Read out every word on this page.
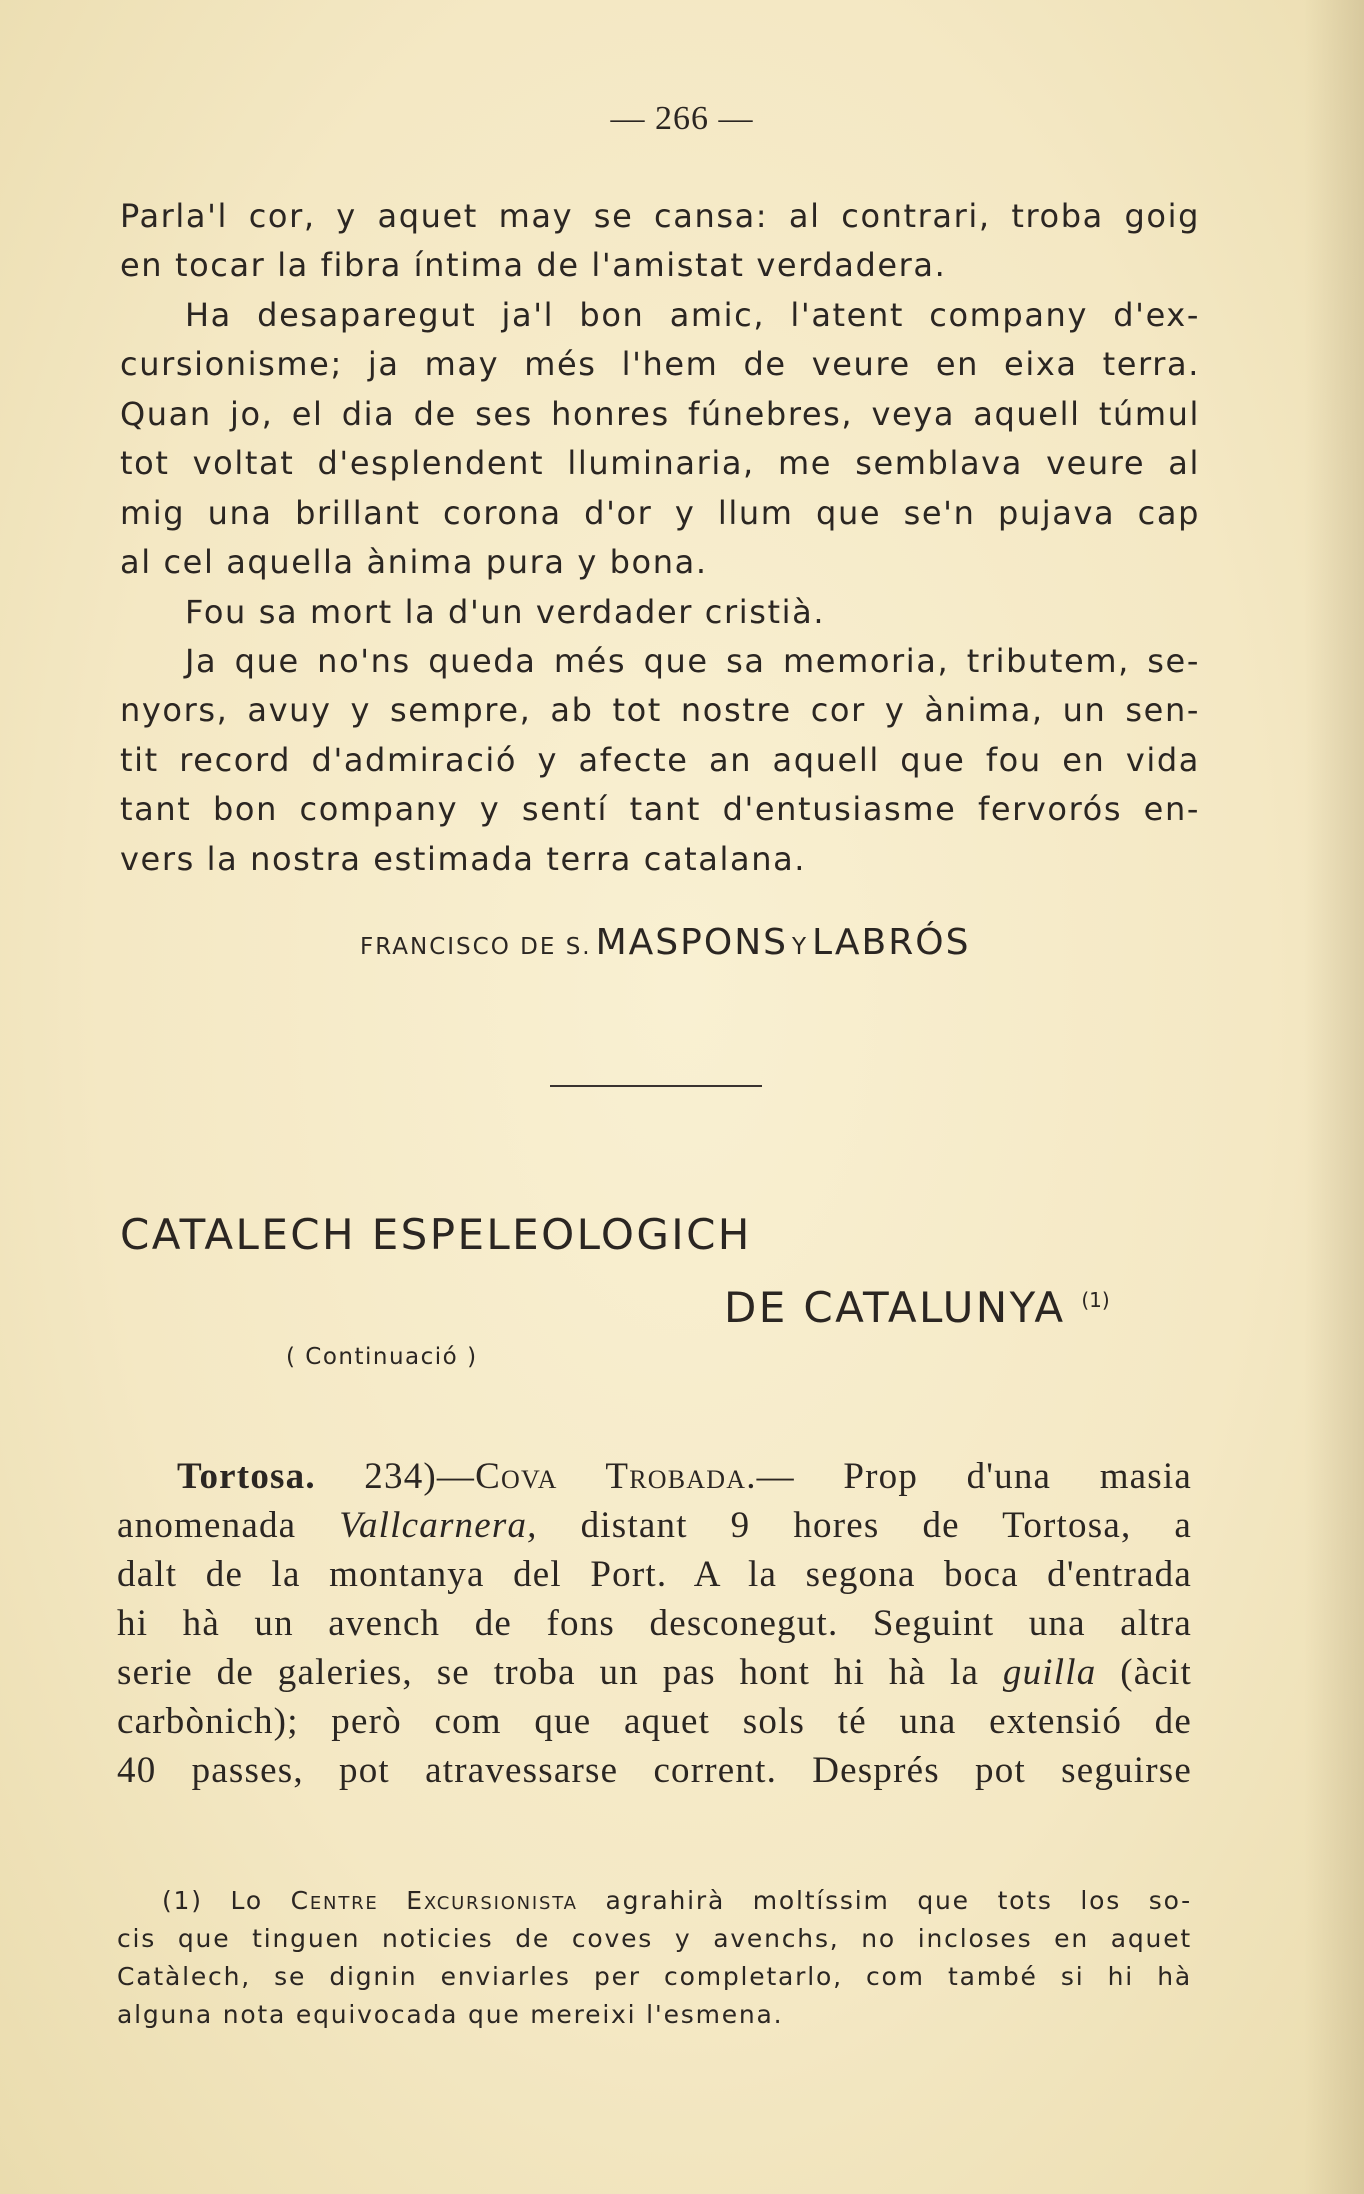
— 266 —
Parla'l cor, y aquet may se cansa: al contrari, troba goig
en tocar la fibra íntima de l'amistat verdadera.
Ha desaparegut ja'l bon amic, l'atent company d'ex-
cursionisme; ja may més l'hem de veure en eixa terra.
Quan jo, el dia de ses honres fúnebres, veya aquell túmul
tot voltat d'esplendent lluminaria, me semblava veure al
mig una brillant corona d'or y llum que se'n pujava cap
al cel aquella ànima pura y bona.
Fou sa mort la d'un verdader cristià.
Ja que no'ns queda més que sa memoria, tributem, se-
nyors, avuy y sempre, ab tot nostre cor y ànima, un sen-
tit record d'admiració y afecte an aquell que fou en vida
tant bon company y sentí tant d'entusiasme fervorós en-
vers la nostra estimada terra catalana.
FRANCISCO DE S. MASPONS Y LABRÓS
CATALECH ESPELEOLOGICH
DE CATALUNYA $^{(1)}$
( Continuació )
Tortosa. 234)—Cova Trobada.— Prop d'una masia
anomenada Vallcarnera, distant 9 hores de Tortosa, a
dalt de la montanya del Port. A la segona boca d'entrada
hi hà un avench de fons desconegut. Seguint una altra
serie de galeries, se troba un pas hont hi hà la guilla (àcit
carbònich); però com que aquet sols té una extensió de
40 passes, pot atravessarse corrent. Després pot seguirse
(1) Lo Centre Excursionista agrahirà moltíssim que tots los so-
cis que tinguen noticies de coves y avenchs, no incloses en aquet
Catàlech, se dignin enviarles per completarlo, com també si hi hà
alguna nota equivocada que mereixi l'esmena.
